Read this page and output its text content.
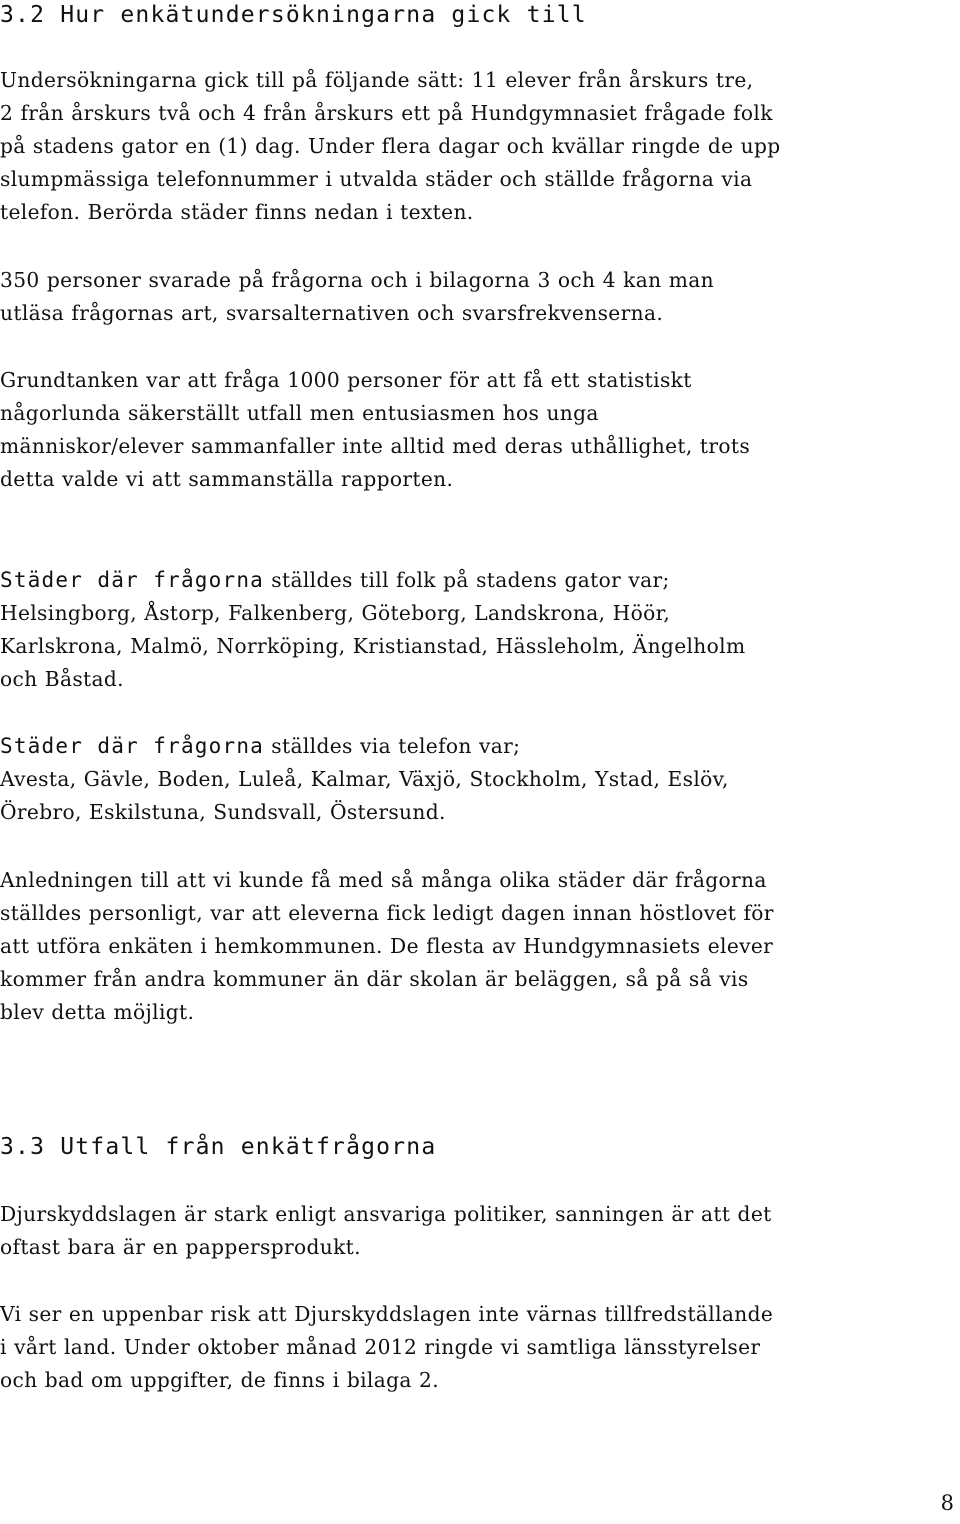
3.2 Hur enkätundersökningarna gick till

Undersökningarna gick till på följande sätt: 11 elever från årskurs tre,
2 från årskurs två och 4 från årskurs ett på Hundgymnasiet frågade folk
på stadens gator en (1) dag. Under flera dagar och kvällar ringde de upp
slumpmässiga telefonnummer i utvalda städer och ställde frågorna via
telefon. Berörda städer finns nedan i texten.

350 personer svarade på frågorna och i bilagorna 3 och 4 kan man
utläsa frågornas art, svarsalternativen och svarsfrekvenserna.

Grundtanken var att fråga 1000 personer för att få ett statistiskt
någorlunda säkerställt utfall men entusiasmen hos unga
människor/elever sammanfaller inte alltid med deras uthållighet, trots
detta valde vi att sammanställa rapporten.

Städer där frågorna ställdes till folk på stadens gator var;
Helsingborg, Åstorp, Falkenberg, Göteborg, Landskrona, Höör,
Karlskrona, Malmö, Norrköping, Kristianstad, Hässleholm, Ängelholm
och Båstad.

Städer där frågorna ställdes via telefon var;
Avesta, Gävle, Boden, Luleå, Kalmar, Växjö, Stockholm, Ystad, Eslöv,
Örebro, Eskilstuna, Sundsvall, Östersund.

Anledningen till att vi kunde få med så många olika städer där frågorna
ställdes personligt, var att eleverna fick ledigt dagen innan höstlovet för
att utföra enkäten i hemkommunen. De flesta av Hundgymnasiets elever
kommer från andra kommuner än där skolan är beläggen, så på så vis
blev detta möjligt.

3.3 Utfall från enkätfrågorna

Djurskyddslagen är stark enligt ansvariga politiker, sanningen är att det
oftast bara är en pappersprodukt.

Vi ser en uppenbar risk att Djurskyddslagen inte värnas tillfredställande
i vårt land. Under oktober månad 2012 ringde vi samtliga länsstyrelser
och bad om uppgifter, de finns i bilaga 2.

8
